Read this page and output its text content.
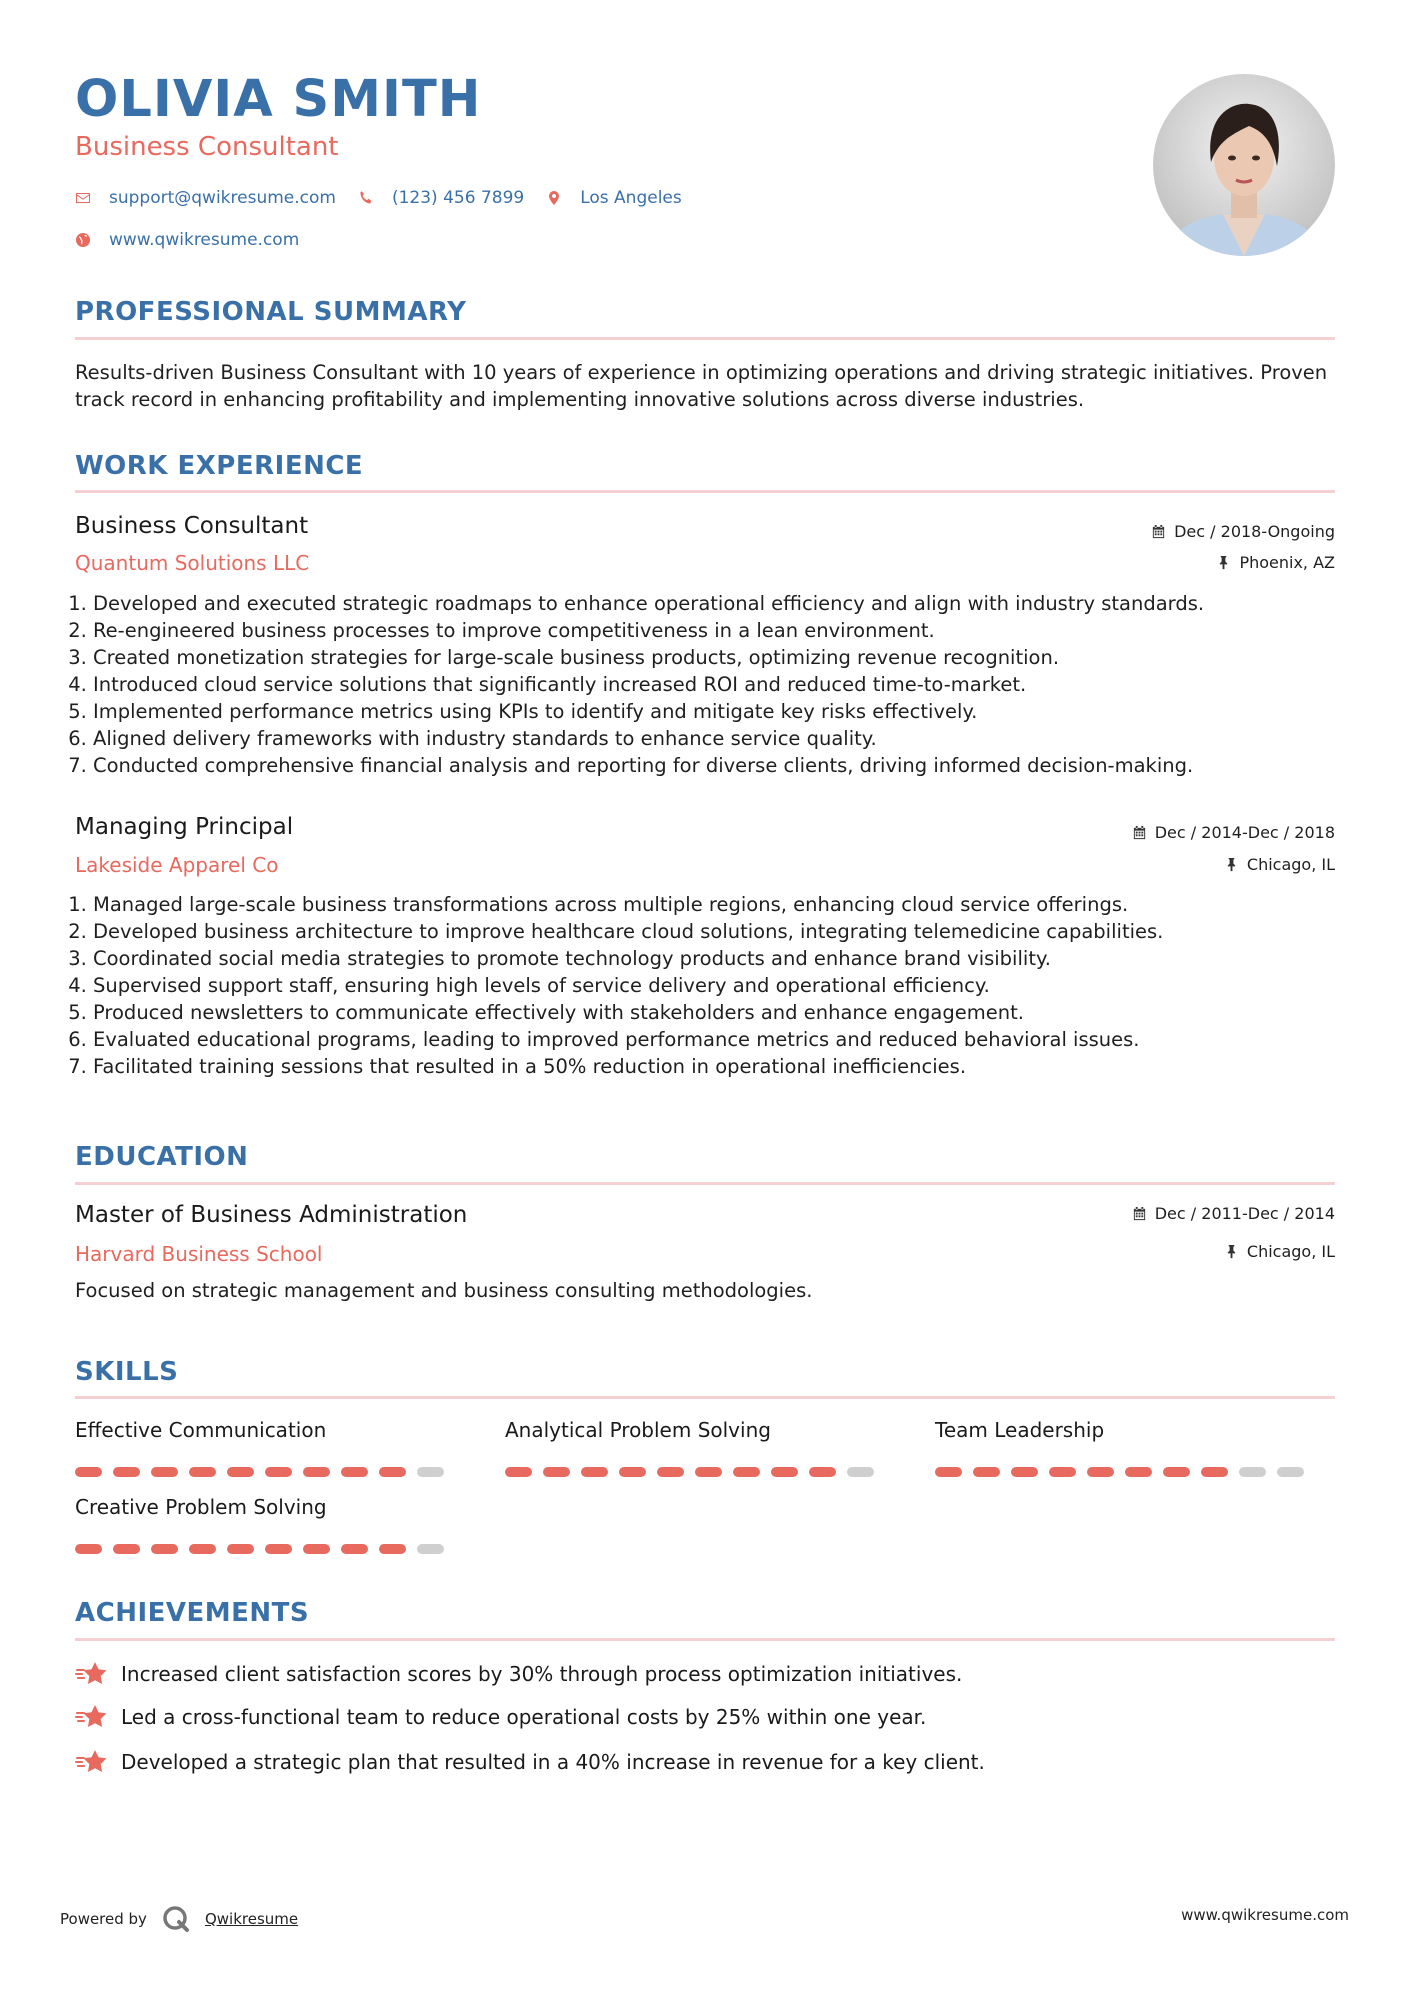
OLIVIA SMITH
Business Consultant
support@qwikresume.com	(123) 456 7899	Los Angeles
www.qwikresume.com
PROFESSIONAL SUMMARY
Results-driven Business Consultant with 10 years of experience in optimizing operations and driving strategic initiatives. Proven track record in enhancing profitability and implementing innovative solutions across diverse industries.
WORK EXPERIENCE
Business Consultant
Quantum Solutions LLC
Dec / 2018-Ongoing
Phoenix, AZ
1. Developed and executed strategic roadmaps to enhance operational efficiency and align with industry standards.
2. Re-engineered business processes to improve competitiveness in a lean environment.
3. Created monetization strategies for large-scale business products, optimizing revenue recognition.
4. Introduced cloud service solutions that significantly increased ROI and reduced time-to-market.
5. Implemented performance metrics using KPIs to identify and mitigate key risks effectively.
6. Aligned delivery frameworks with industry standards to enhance service quality.
7. Conducted comprehensive financial analysis and reporting for diverse clients, driving informed decision-making.
Managing Principal
Lakeside Apparel Co
Dec / 2014-Dec / 2018
Chicago, IL
1. Managed large-scale business transformations across multiple regions, enhancing cloud service offerings.
2. Developed business architecture to improve healthcare cloud solutions, integrating telemedicine capabilities.
3. Coordinated social media strategies to promote technology products and enhance brand visibility.
4. Supervised support staff, ensuring high levels of service delivery and operational efficiency.
5. Produced newsletters to communicate effectively with stakeholders and enhance engagement.
6. Evaluated educational programs, leading to improved performance metrics and reduced behavioral issues.
7. Facilitated training sessions that resulted in a 50% reduction in operational inefficiencies.
EDUCATION
Master of Business Administration
Harvard Business School
Dec / 2011-Dec / 2014
Chicago, IL
Focused on strategic management and business consulting methodologies.
SKILLS
Effective Communication	Analytical Problem Solving	Team Leadership
Creative Problem Solving
ACHIEVEMENTS
Increased client satisfaction scores by 30% through process optimization initiatives.
Led a cross-functional team to reduce operational costs by 25% within one year.
Developed a strategic plan that resulted in a 40% increase in revenue for a key client.
Powered by	Qwikresume	www.qwikresume.com
